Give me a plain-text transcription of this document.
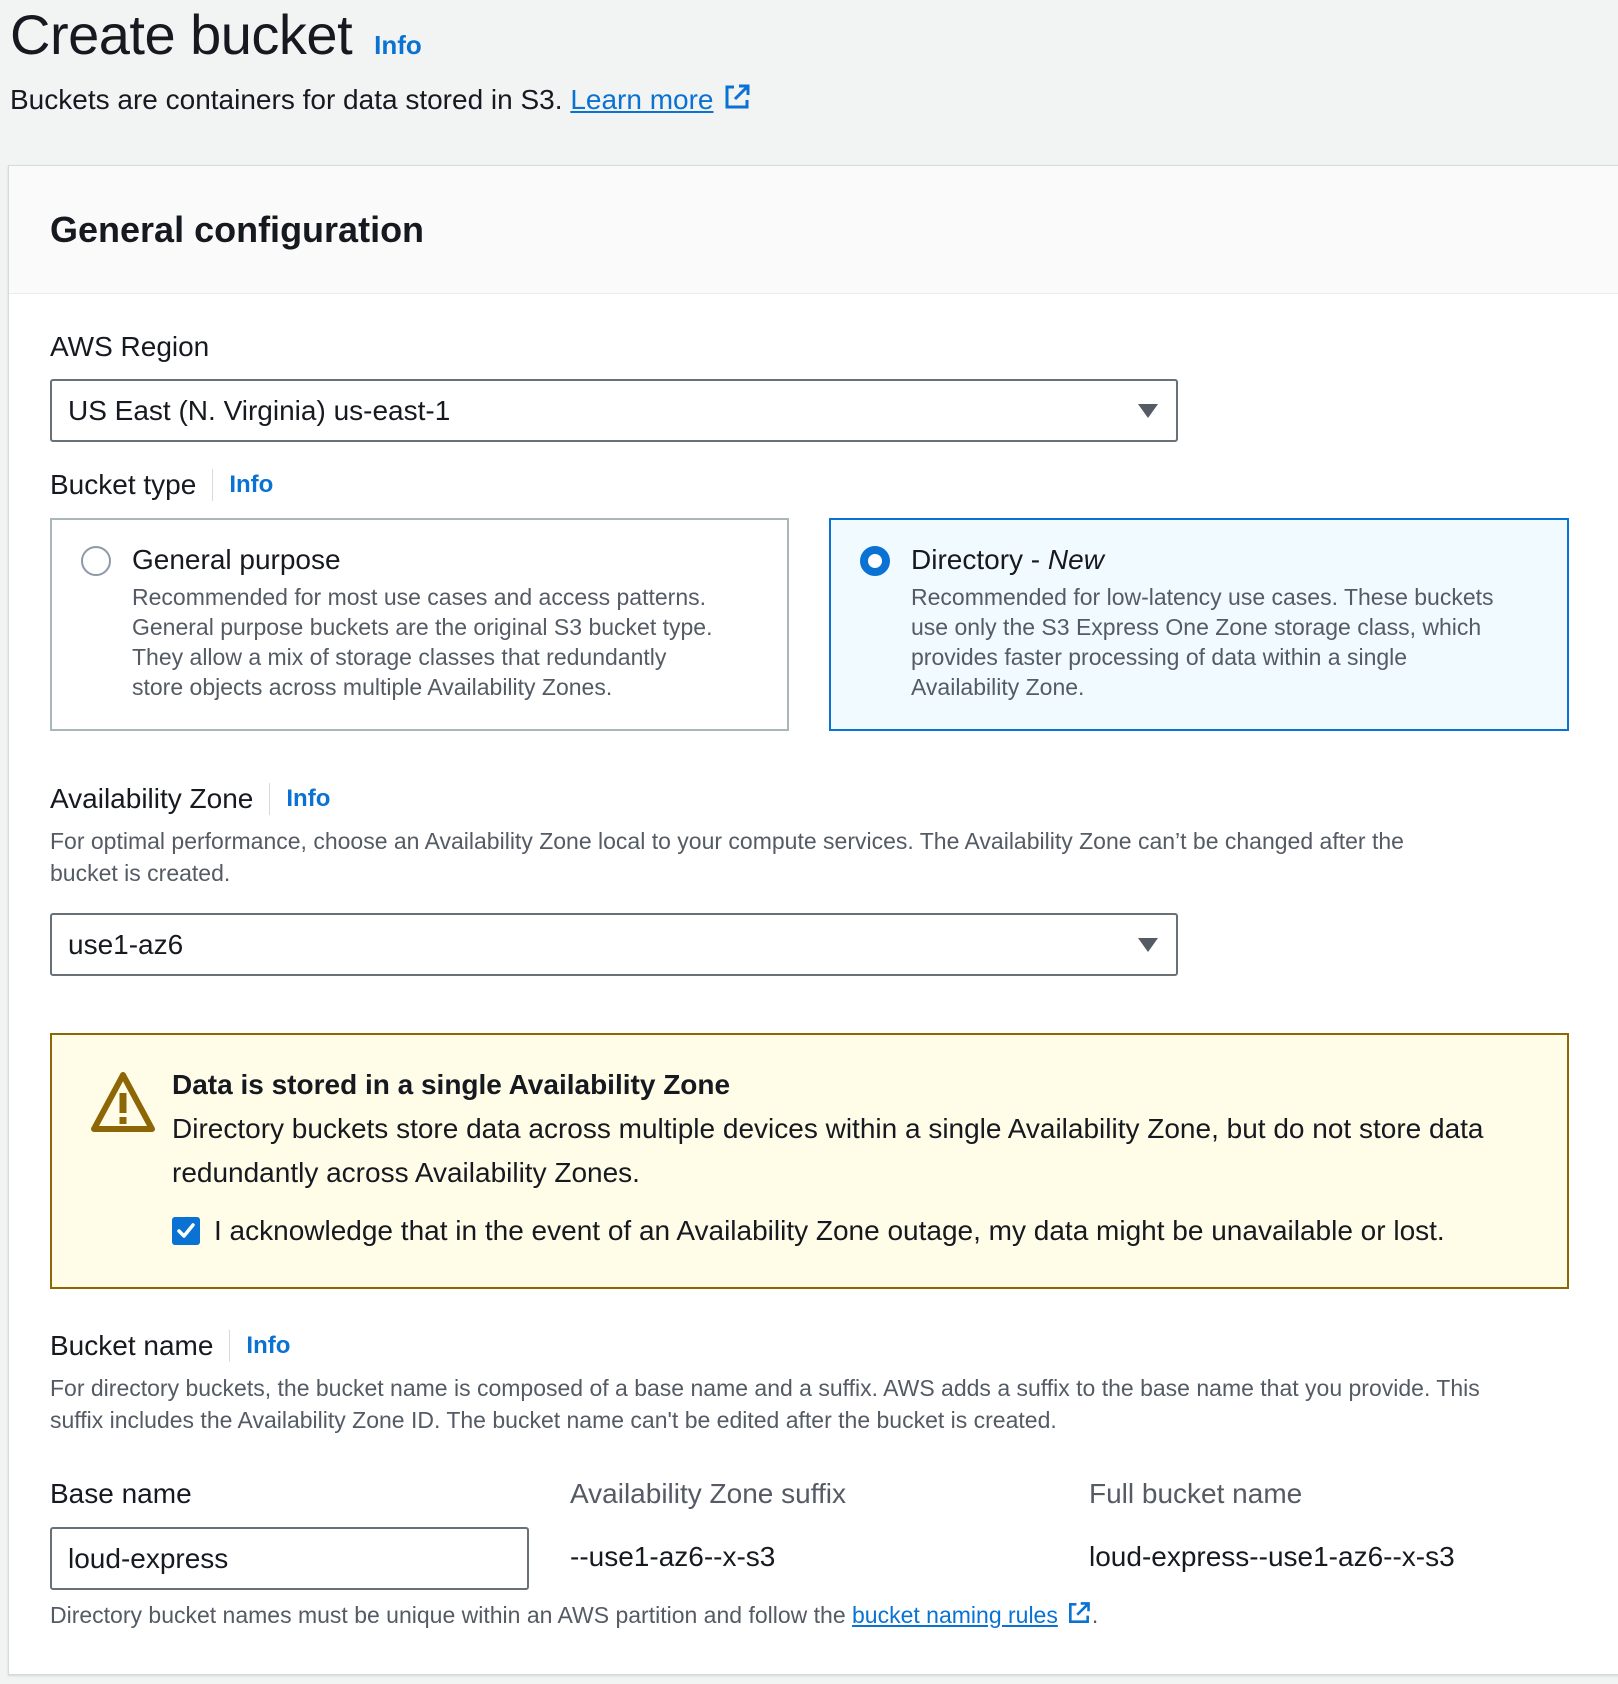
Create bucket Info
Buckets are containers for data stored in S3. Learn more
General configuration
AWS Region
US East (N. Virginia) us-east-1
Bucket type Info
General purpose
Recommended for most use cases and access patterns.
General purpose buckets are the original S3 bucket type.
They allow a mix of storage classes that redundantly
store objects across multiple Availability Zones.
Directory - New
Recommended for low-latency use cases. These buckets
use only the S3 Express One Zone storage class, which
provides faster processing of data within a single
Availability Zone.
Availability Zone Info
For optimal performance, choose an Availability Zone local to your compute services. The Availability Zone can’t be changed after the
bucket is created.
use1-az6
Data is stored in a single Availability Zone
Directory buckets store data across multiple devices within a single Availability Zone, but do not store data
redundantly across Availability Zones.
I acknowledge that in the event of an Availability Zone outage, my data might be unavailable or lost.
Bucket name Info
For directory buckets, the bucket name is composed of a base name and a suffix. AWS adds a suffix to the base name that you provide. This
suffix includes the Availability Zone ID. The bucket name can't be edited after the bucket is created.
Base name
loud-express
Availability Zone suffix
--use1-az6--x-s3
Full bucket name
loud-express--use1-az6--x-s3
Directory bucket names must be unique within an AWS partition and follow the bucket naming rules .
